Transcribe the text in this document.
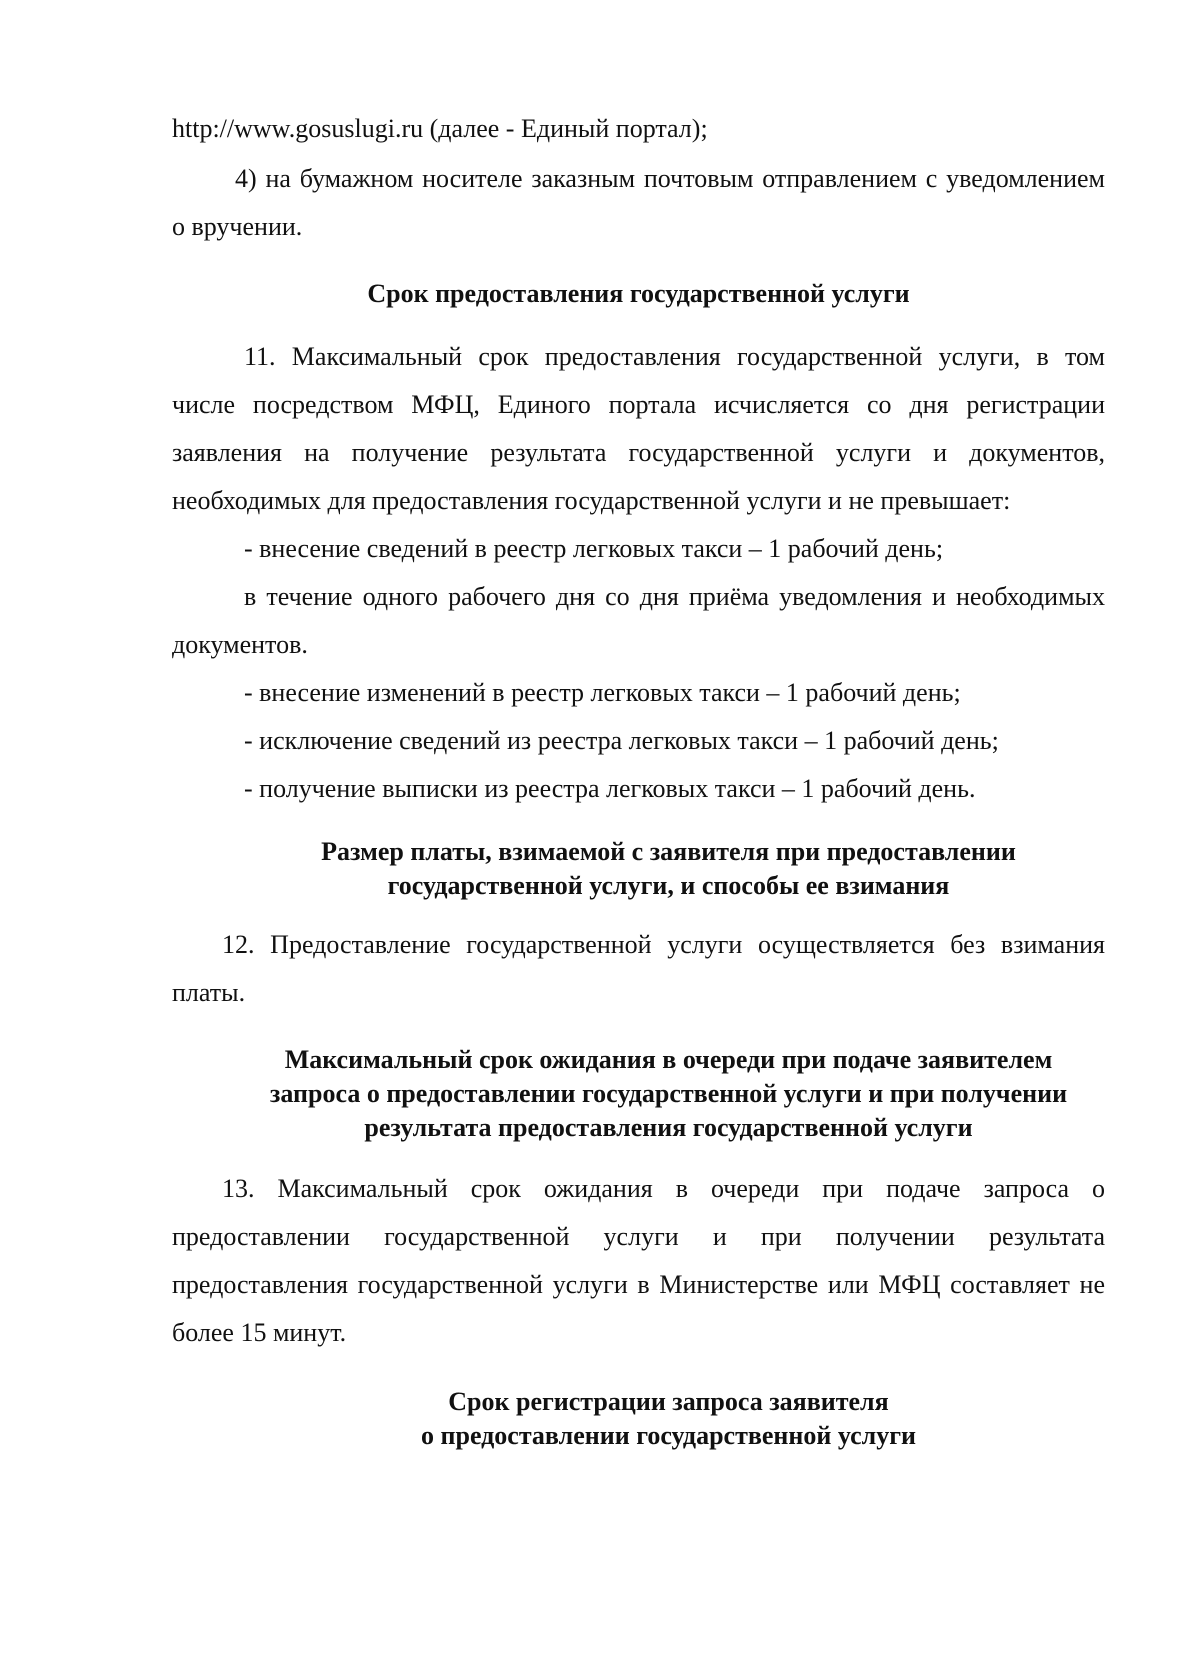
http://www.gosuslugi.ru (далее - Единый портал);

4) на бумажном носителе заказным почтовым отправлением с уведомлением о вручении.

Срок предоставления государственной услуги

11. Максимальный срок предоставления государственной услуги, в том числе посредством МФЦ, Единого портала исчисляется со дня регистрации заявления на получение результата государственной услуги и документов, необходимых для предоставления государственной услуги и не превышает:

- внесение сведений в реестр легковых такси – 1 рабочий день;

в течение одного рабочего дня со дня приёма уведомления и необходимых документов.

- внесение изменений в реестр легковых такси – 1 рабочий день;

- исключение сведений из реестра легковых такси – 1 рабочий день;

- получение выписки из реестра легковых такси – 1 рабочий день.

Размер платы, взимаемой с заявителя при предоставлении
государственной услуги, и способы ее взимания

12. Предоставление государственной услуги осуществляется без взимания платы.

Максимальный срок ожидания в очереди при подаче заявителем
запроса о предоставлении государственной услуги и при получении
результата предоставления государственной услуги

13. Максимальный срок ожидания в очереди при подаче запроса о предоставлении государственной услуги и при получении результата предоставления государственной услуги в Министерстве или МФЦ составляет не более 15 минут.

Срок регистрации запроса заявителя
о предоставлении государственной услуги
